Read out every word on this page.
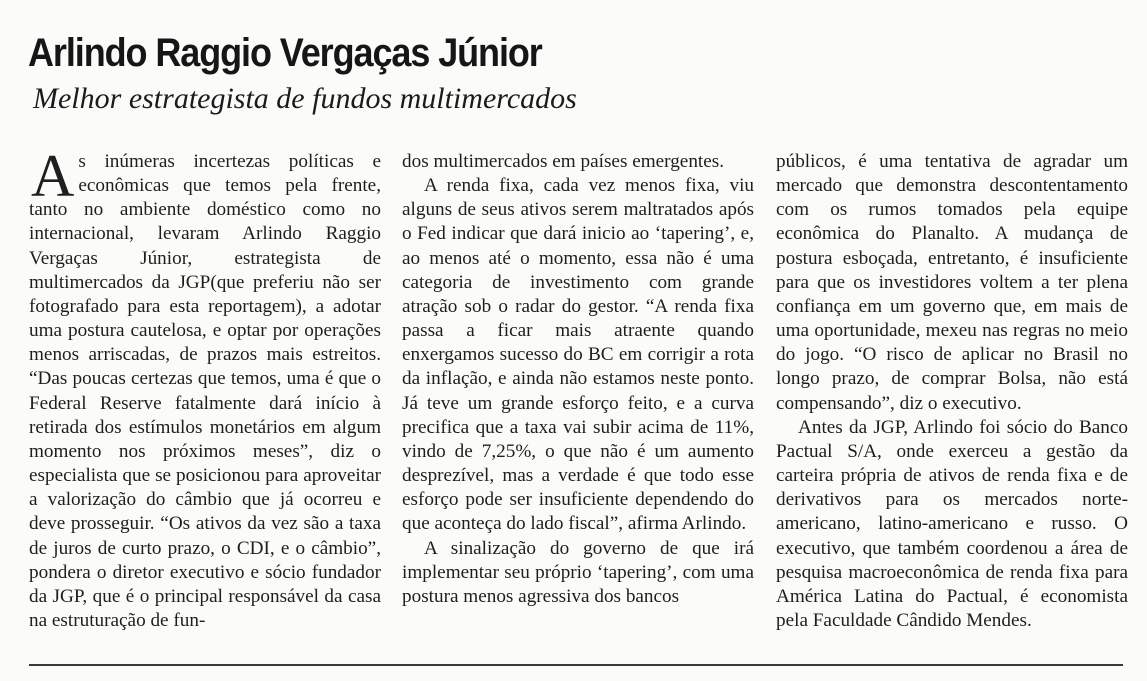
Arlindo Raggio Vergaças Júnior
Melhor estrategista de fundos multimercados

As inúmeras incertezas políticas e econômicas que temos pela frente, tanto no ambiente doméstico como no internacional, levaram Arlindo Raggio Vergaças Júnior, estrategista de multimercados da JGP(que preferiu não ser fotografado para esta reportagem), a adotar uma postura cautelosa, e optar por operações menos arriscadas, de prazos mais estreitos. “Das poucas certezas que temos, uma é que o Federal Reserve fatalmente dará início à retirada dos estímulos monetários em algum momento nos próximos meses”, diz o especialista que se posicionou para aproveitar a valorização do câmbio que já ocorreu e deve prosseguir. “Os ativos da vez são a taxa de juros de curto prazo, o CDI, e o câmbio”, pondera o diretor executivo e sócio fundador da JGP, que é o principal responsável da casa na estruturação de fun-

dos multimercados em países emergentes.

A renda fixa, cada vez menos fixa, viu alguns de seus ativos serem maltratados após o Fed indicar que dará inicio ao ‘tapering’, e, ao menos até o momento, essa não é uma categoria de investimento com grande atração sob o radar do gestor. “A renda fixa passa a ficar mais atraente quando enxergamos sucesso do BC em corrigir a rota da inflação, e ainda não estamos neste ponto. Já teve um grande esforço feito, e a curva precifica que a taxa vai subir acima de 11%, vindo de 7,25%, o que não é um aumento desprezível, mas a verdade é que todo esse esforço pode ser insuficiente dependendo do que aconteça do lado fiscal”, afirma Arlindo.

A sinalização do governo de que irá implementar seu próprio ‘tapering’, com uma postura menos agressiva dos bancos

públicos, é uma tentativa de agradar um mercado que demonstra descontentamento com os rumos tomados pela equipe econômica do Planalto. A mudança de postura esboçada, entretanto, é insuficiente para que os investidores voltem a ter plena confiança em um governo que, em mais de uma oportunidade, mexeu nas regras no meio do jogo. “O risco de aplicar no Brasil no longo prazo, de comprar Bolsa, não está compensando”, diz o executivo.

Antes da JGP, Arlindo foi sócio do Banco Pactual S/A, onde exerceu a gestão da carteira própria de ativos de renda fixa e de derivativos para os mercados norte-americano, latino-americano e russo. O executivo, que também coordenou a área de pesquisa macroeconômica de renda fixa para América Latina do Pactual, é economista pela Faculdade Cândido Mendes.
